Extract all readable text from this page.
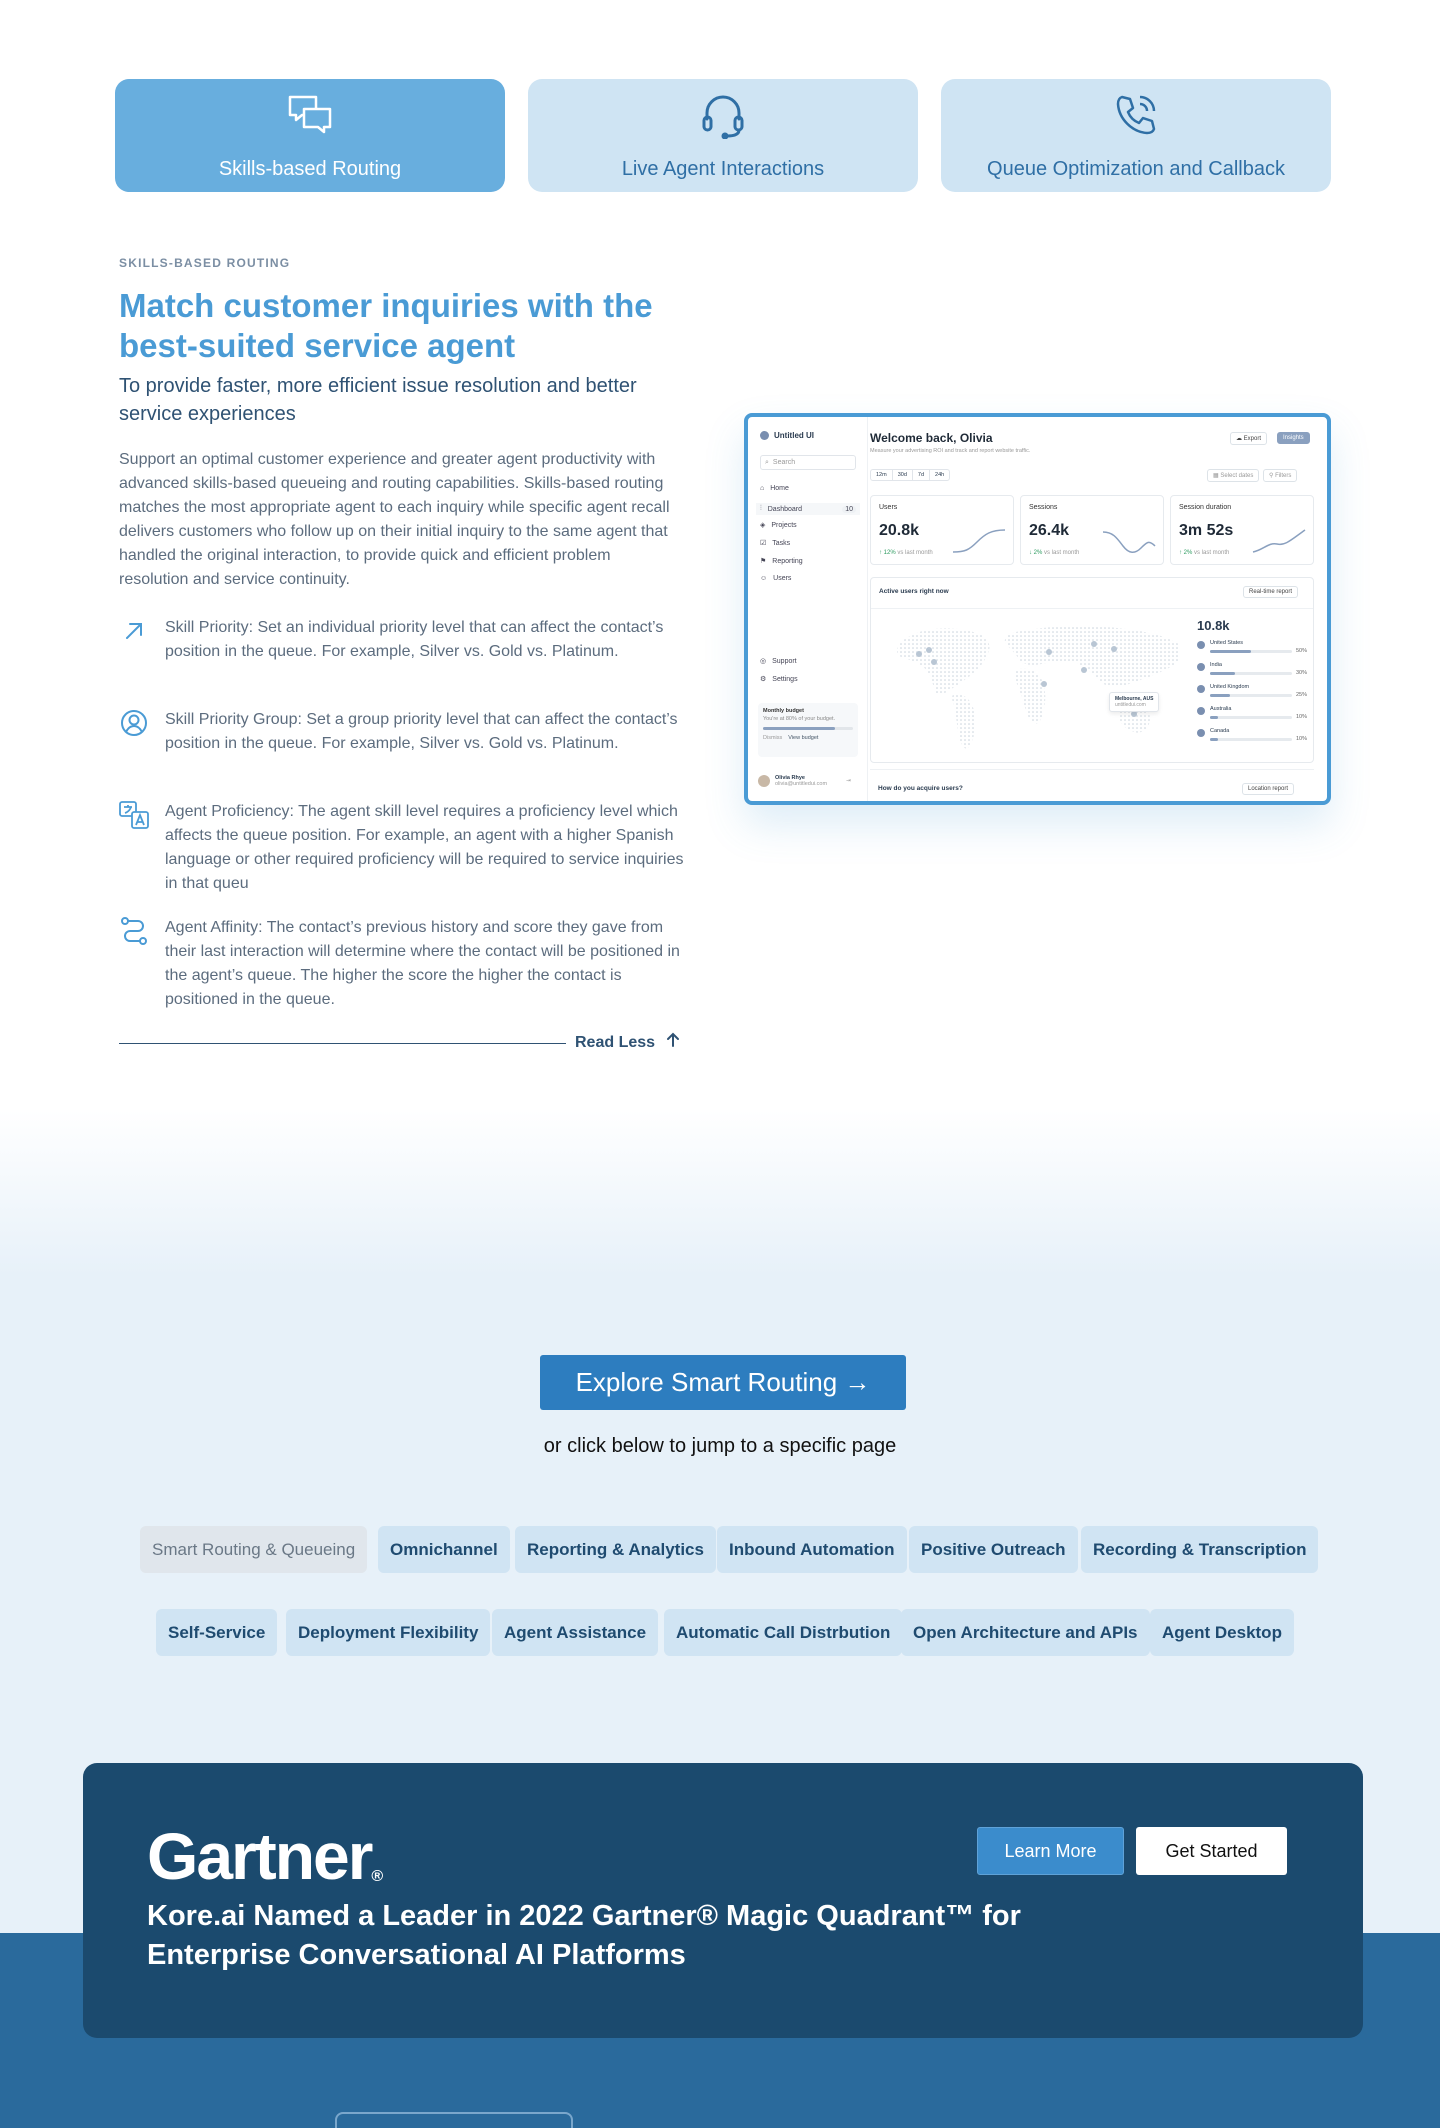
Skills-based Routing	Live Agent Interactions	Queue Optimization and Callback
SKILLS-BASED ROUTING
Match customer inquiries with the best-suited service agent
To provide faster, more efficient issue resolution and better service experiences
Support an optimal customer experience and greater agent productivity with advanced skills-based queueing and routing capabilities. Skills-based routing matches the most appropriate agent to each inquiry while specific agent recall delivers customers who follow up on their initial inquiry to the same agent that handled the original interaction, to provide quick and efficient problem resolution and service continuity.
Skill Priority: Set an individual priority level that can affect the contact’s position in the queue. For example, Silver vs. Gold vs. Platinum.
Skill Priority Group: Set a group priority level that can affect the contact’s position in the queue. For example, Silver vs. Gold vs. Platinum.
Agent Proficiency: The agent skill level requires a proficiency level which affects the queue position. For example, an agent with a higher Spanish language or other required proficiency will be required to service inquiries in that queu
Agent Affinity: The contact’s previous history and score they gave from their last interaction will determine where the contact will be positioned in the agent’s queue. The higher the score the higher the contact is positioned in the queue.
Read Less
Untitled UI
⌕ Search
⌂ Home
⫶ Dashboard	10
◈ Projects
☑ Tasks
⚑ Reporting
☺ Users
◎ Support
⚙ Settings
Monthly budget
You're at 80% of your budget.
Dismiss View budget
Olivia Rhye
olivia@untitledui.com	⇥
Welcome back, Olivia
Measure your advertising ROI and track and report website traffic.
☁ Export	Insights
12m	30d	7d	24h	▦ Select dates	⚲ Filters
Users
20.8k
↑ 12% vs last month
Sessions
26.4k
↓ 2% vs last month
Session duration
3m 52s
↑ 2% vs last month
Active users right now	Real-time report
Melbourne, AUS
untitledui.com
10.8k
United States
50%
India
30%
United Kingdom
25%
Australia
10%
Canada
10%
How do you acquire users?	Location report
Explore Smart Routing →
or click below to jump to a specific page
Smart Routing & Queueing	Omnichannel	Reporting & Analytics	Inbound Automation	Positive Outreach	Recording & Transcription
Self-Service	Deployment Flexibility	Agent Assistance	Automatic Call Distrbution	Open Architecture and APIs	Agent Desktop
Gartner®
Kore.ai Named a Leader in 2022 Gartner® Magic Quadrant™ for Enterprise Conversational AI Platforms
Learn More	Get Started
